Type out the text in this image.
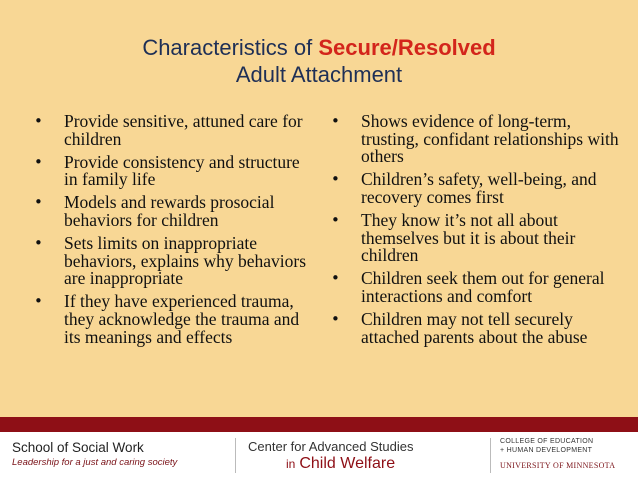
Characteristics of Secure/Resolved
Adult Attachment
•	Provide sensitive, attuned care for children
•	Provide consistency and structure in family life
•	Models and rewards prosocial behaviors for children
•	Sets limits on inappropriate behaviors, explains why behaviors are inappropriate
•	If they have experienced trauma, they acknowledge the trauma and its meanings and effects
•	Shows evidence of long-term, trusting, confidant relationships with others
•	Children’s safety, well-being, and recovery comes first
•	They know it’s not all about themselves but it is about their children
•	Children seek them out for general interactions and comfort
•	Children may not tell securely attached parents about the abuse
School of Social Work
Leadership for a just and caring society
Center for Advanced Studies
in Child Welfare
COLLEGE OF EDUCATION
+ HUMAN DEVELOPMENT
UNIVERSITY OF MINNESOTA
